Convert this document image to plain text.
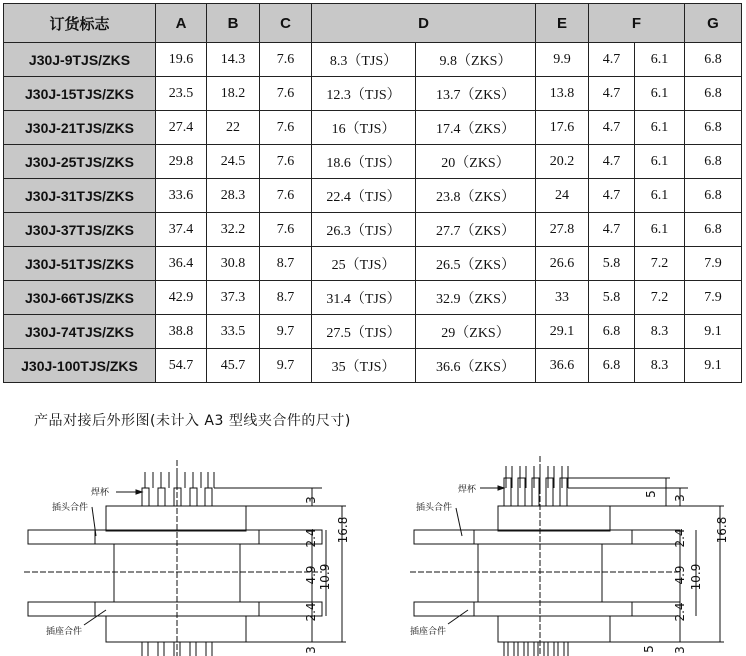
订货标志	A	B	C	D		E	F		G
J30J-9TJS/ZKS	19.6	14.3	7.6	8.3（TJS）	9.8（ZKS）	9.9	4.7	6.1	6.8
J30J-15TJS/ZKS	23.5	18.2	7.6	12.3（TJS）	13.7（ZKS）	13.8	4.7	6.1	6.8
J30J-21TJS/ZKS	27.4	22	7.6	16（TJS）	17.4（ZKS）	17.6	4.7	6.1	6.8
J30J-25TJS/ZKS	29.8	24.5	7.6	18.6（TJS）	20（ZKS）	20.2	4.7	6.1	6.8
J30J-31TJS/ZKS	33.6	28.3	7.6	22.4（TJS）	23.8（ZKS）	24	4.7	6.1	6.8
J30J-37TJS/ZKS	37.4	32.2	7.6	26.3（TJS）	27.7（ZKS）	27.8	4.7	6.1	6.8
J30J-51TJS/ZKS	36.4	30.8	8.7	25（TJS）	26.5（ZKS）	26.6	5.8	7.2	7.9
J30J-66TJS/ZKS	42.9	37.3	8.7	31.4（TJS）	32.9（ZKS）	33	5.8	7.2	7.9
J30J-74TJS/ZKS	38.8	33.5	9.7	27.5（TJS）	29（ZKS）	29.1	6.8	8.3	9.1
J30J-100TJS/ZKS	54.7	45.7	9.7	35（TJS）	36.6（ZKS）	36.6	6.8	8.3	9.1
产品对接后外形图(未计入 A3 型线夹合件的尺寸)
焊杯
插头合件
插座合件
3
2.4 16.8
4.9 10.9
2.4
3
焊杯
插头合件
插座合件
5
3
2.4 16.8
4.9 10.9
2.4
5 3
